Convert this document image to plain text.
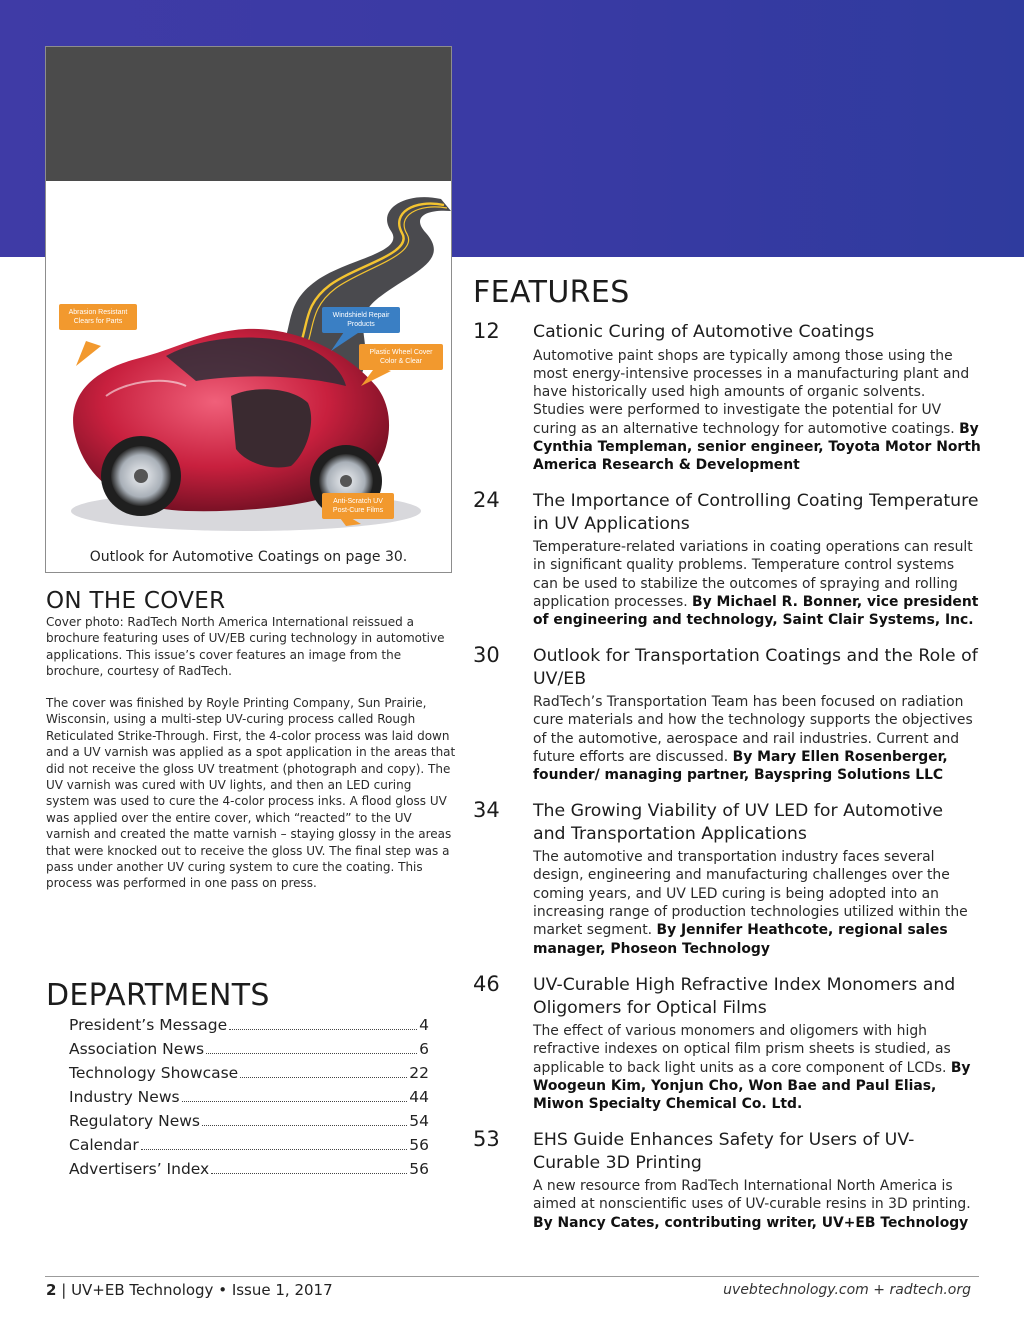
Abrasion Resistant Clears for Parts
Windshield Repair Products
Plastic Wheel Cover Color & Clear
Anti-Scratch UV Post-Cure Films
Outlook for Automotive Coatings on page 30.
ON THE COVER

Cover photo: RadTech North America International reissued a brochure featuring uses of UV/EB curing technology in automotive applications. This issue’s cover features an image from the brochure, courtesy of RadTech.

The cover was finished by Royle Printing Company, Sun Prairie, Wisconsin, using a multi-step UV-curing process called Rough Reticulated Strike-Through. First, the 4-color process was laid down and a UV varnish was applied as a spot application in the areas that did not receive the gloss UV treatment (photograph and copy). The UV varnish was cured with UV lights, and then an LED curing system was used to cure the 4-color process inks. A flood gloss UV was applied over the entire cover, which “reacted” to the UV varnish and created the matte varnish – staying glossy in the areas that were knocked out to receive the gloss UV. The final step was a pass under another UV curing system to cure the coating. This process was performed in one pass on press.

DEPARTMENTS
President’s Message	4
Association News	6
Technology Showcase	22
Industry News	44
Regulatory News	54
Calendar	56
Advertisers’ Index	56
FEATURES
12 Cationic Curing of Automotive Coatings
Automotive paint shops are typically among those using the most energy-intensive processes in a manufacturing plant and have historically used high amounts of organic solvents. Studies were performed to investigate the potential for UV curing as an alternative technology for automotive coatings. By Cynthia Templeman, senior engineer, Toyota Motor North America Research & Development
24 The Importance of Controlling Coating Temperature in UV Applications
Temperature-related variations in coating operations can result in significant quality problems. Temperature control systems can be used to stabilize the outcomes of spraying and rolling application processes. By Michael R. Bonner, vice president of engineering and technology, Saint Clair Systems, Inc.
30 Outlook for Transportation Coatings and the Role of UV/EB
RadTech’s Transportation Team has been focused on radiation cure materials and how the technology supports the objectives of the automotive, aerospace and rail industries. Current and future efforts are discussed. By Mary Ellen Rosenberger, founder/ managing partner, Bayspring Solutions LLC
34 The Growing Viability of UV LED for Automotive and Transportation Applications
The automotive and transportation industry faces several design, engineering and manufacturing challenges over the coming years, and UV LED curing is being adopted into an increasing range of production technologies utilized within the market segment. By Jennifer Heathcote, regional sales manager, Phoseon Technology
46 UV-Curable High Refractive Index Monomers and Oligomers for Optical Films
The effect of various monomers and oligomers with high refractive indexes on optical film prism sheets is studied, as applicable to back light units as a core component of LCDs. By Woogeun Kim, Yonjun Cho, Won Bae and Paul Elias, Miwon Specialty Chemical Co. Ltd.
53 EHS Guide Enhances Safety for Users of UV-Curable 3D Printing
A new resource from RadTech International North America is aimed at nonscientific uses of UV-curable resins in 3D printing. By Nancy Cates, contributing writer, UV+EB Technology
2 | UV+EB Technology • Issue 1, 2017	uvebtechnology.com + radtech.org
